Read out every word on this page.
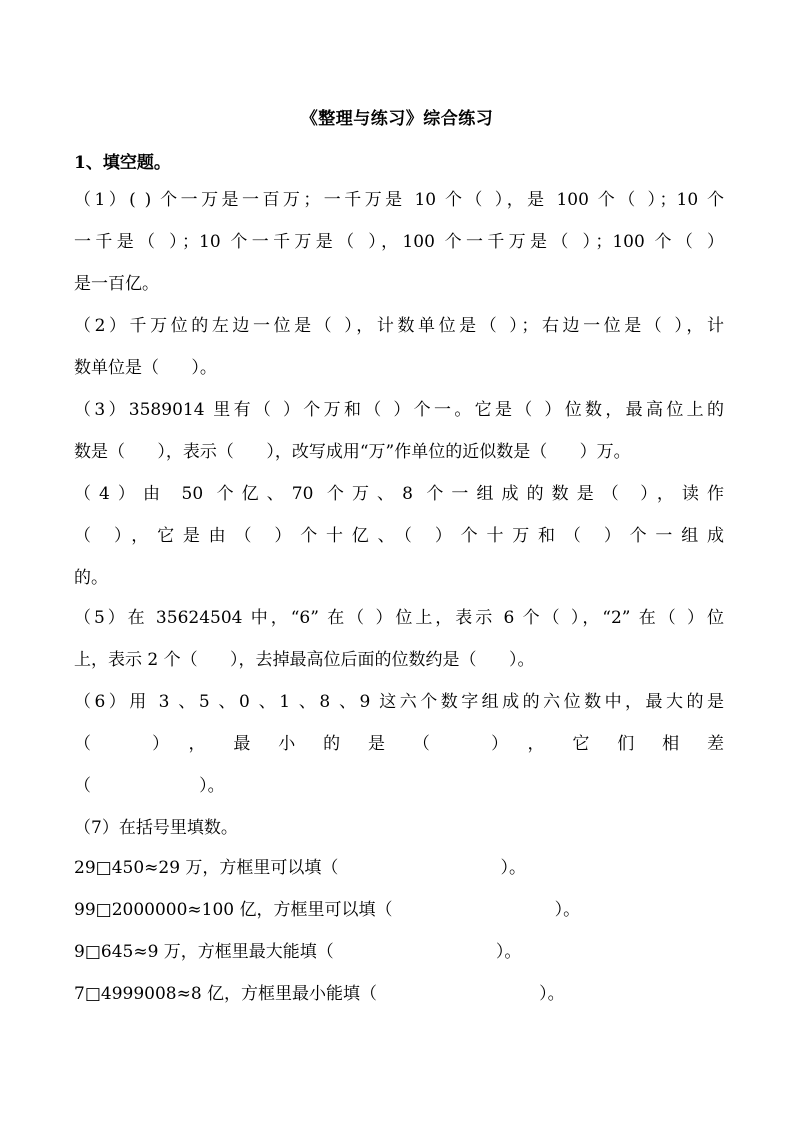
《整理与练习》综合练习
1、填空题。
（1）( ) 个一万是一百万；一千万是 10 个（ ），是 100 个（ ）；10 个
一千是（ ）；10 个一千万是（ ），100 个一千万是（ ）；100 个（ ）
是一百亿。
（2）千万位的左边一位是（ ），计数单位是（ ）；右边一位是（ ），计
数单位是（      ）。
（3）3589014 里有（ ）个万和（ ）个一。它是（ ）位数，最高位上的
数是（      ），表示（      ），改写成用“万”作单位的近似数是（      ）万。
（4）由 50 个亿、70 个万、8 个一组成的数是（ ），读作
（ ），它是由（ ）个十亿、（ ）个十万和（ ）个一组成
的。
（5）在 35624504 中，“6” 在（ ）位上，表示 6 个（ ），“2” 在（ ）位
上，表示 2 个（      ），去掉最高位后面的位数约是（      ）。
（6）用 3 、5 、0 、1 、8 、9 这六个数字组成的六位数中，最大的是
（ ），最小的是（ ），它们相差
（                    ）。
（7）在括号里填数。
29□450≈29 万，方框里可以填（                              ）。
99□2000000≈100 亿，方框里可以填（                              ）。
9□645≈9 万，方框里最大能填（                              ）。
7□4999008≈8 亿，方框里最小能填（                              ）。
